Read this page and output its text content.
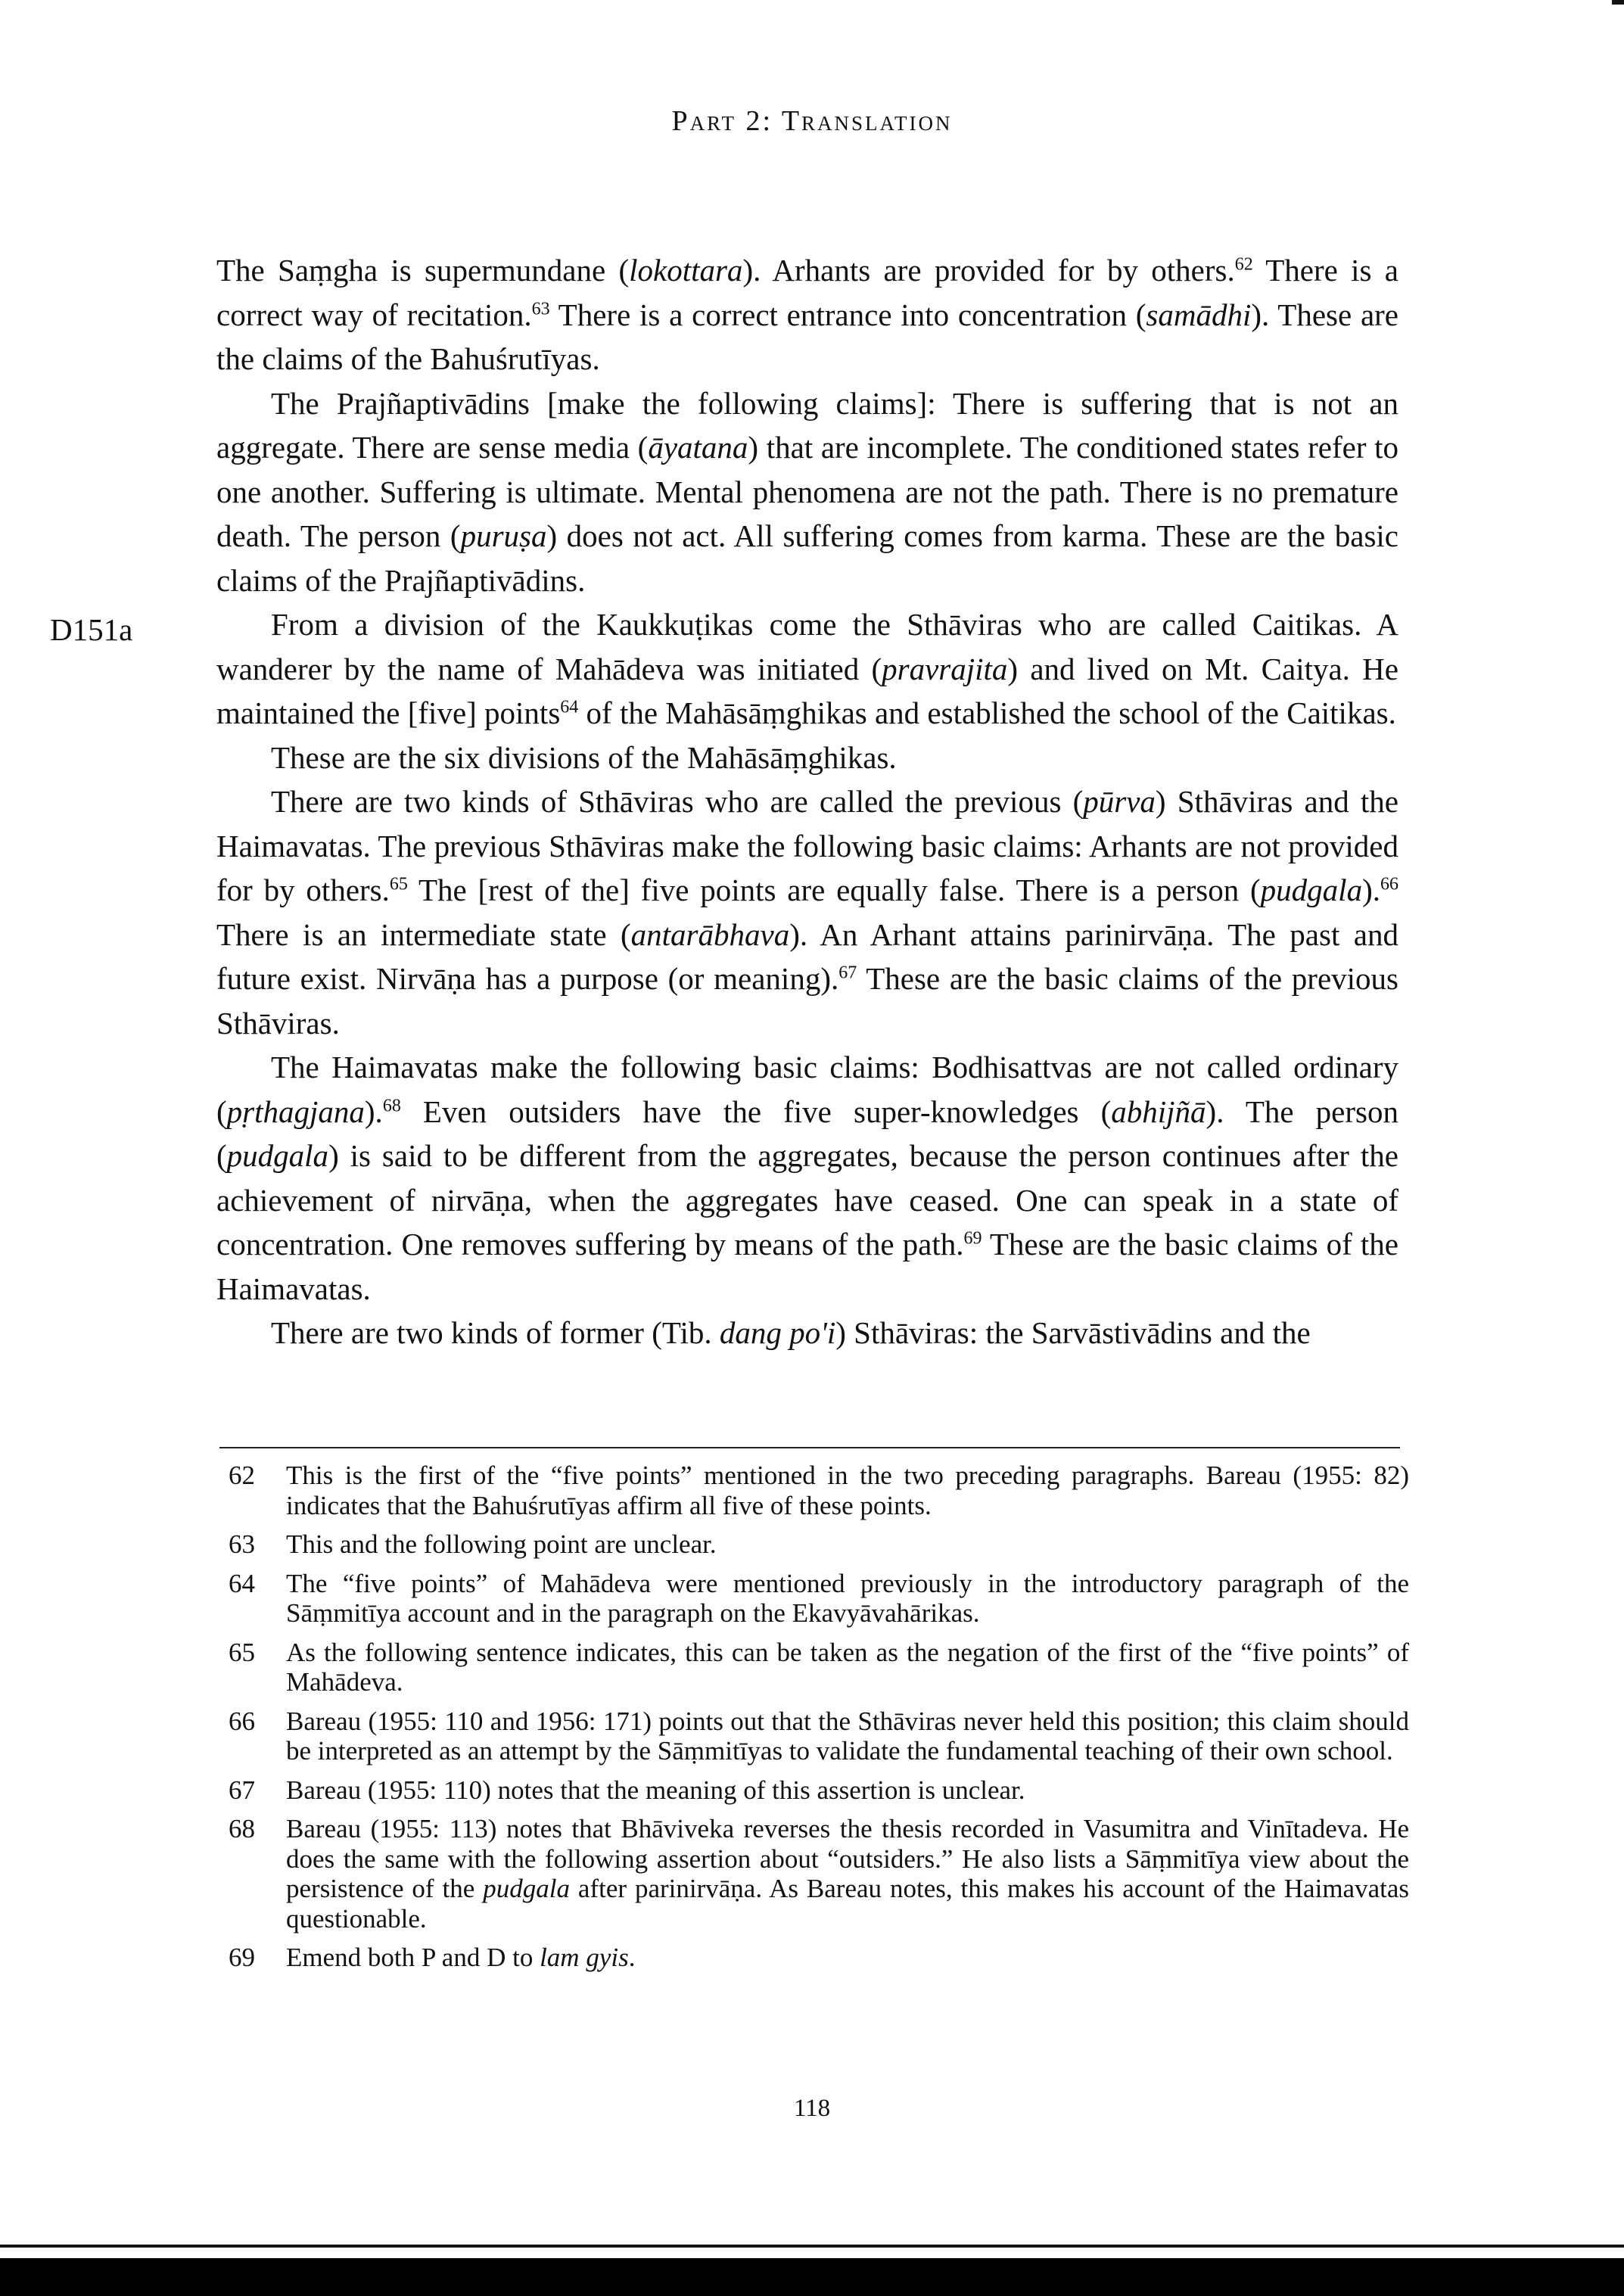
Part 2: Translation
D151a

The Saṃgha is supermundane (lokottara). Arhants are provided for by others.$^{62}$ There is a correct way of recitation.$^{63}$ There is a correct entrance into concentration (samādhi). These are the claims of the Bahuśrutīyas.

The Prajñaptivādins [make the following claims]: There is suffering that is not an aggregate. There are sense media (āyatana) that are incomplete. The conditioned states refer to one another. Suffering is ultimate. Mental phenomena are not the path. There is no premature death. The person (puruṣa) does not act. All suffering comes from karma. These are the basic claims of the Prajñaptivādins.

From a division of the Kaukkuṭikas come the Sthāviras who are called Caitikas. A wanderer by the name of Mahādeva was initiated (pravrajita) and lived on Mt. Caitya. He maintained the [five] points$^{64}$ of the Mahāsāṃghikas and established the school of the Caitikas.

These are the six divisions of the Mahāsāṃghikas.

There are two kinds of Sthāviras who are called the previous (pūrva) Sthāviras and the Haimavatas. The previous Sthāviras make the following basic claims: Arhants are not provided for by others.$^{65}$ The [rest of the] five points are equally false. There is a person (pudgala).$^{66}$ There is an intermediate state (antarābhava). An Arhant attains parinirvāṇa. The past and future exist. Nirvāṇa has a purpose (or meaning).$^{67}$ These are the basic claims of the previous Sthāviras.

The Haimavatas make the following basic claims: Bodhisattvas are not called ordinary (pṛthagjana).$^{68}$ Even outsiders have the five super-knowledges (abhijñā). The person (pudgala) is said to be different from the aggregates, because the person continues after the achievement of nirvāṇa, when the aggregates have ceased. One can speak in a state of concentration. One removes suffering by means of the path.$^{69}$ These are the basic claims of the Haimavatas.

There are two kinds of former (Tib. dang po'i) Sthāviras: the Sarvāstivādins and the

62	This is the first of the “five points” mentioned in the two preceding paragraphs. Bareau (1955: 82) indicates that the Bahuśrutīyas affirm all five of these points.
63	This and the following point are unclear.
64	The “five points” of Mahādeva were mentioned previously in the introductory paragraph of the Sāṃmitīya account and in the paragraph on the Ekavyāvahārikas.
65	As the following sentence indicates, this can be taken as the negation of the first of the “five points” of Mahādeva.
66	Bareau (1955: 110 and 1956: 171) points out that the Sthāviras never held this position; this claim should be interpreted as an attempt by the Sāṃmitīyas to validate the fundamental teaching of their own school.
67	Bareau (1955: 110) notes that the meaning of this assertion is unclear.
68	Bareau (1955: 113) notes that Bhāviveka reverses the thesis recorded in Vasumitra and Vinītadeva. He does the same with the following assertion about “outsiders.” He also lists a Sāṃmitīya view about the persistence of the pudgala after parinirvāṇa. As Bareau notes, this makes his account of the Haimavatas questionable.
69	Emend both P and D to lam gyis.
118
